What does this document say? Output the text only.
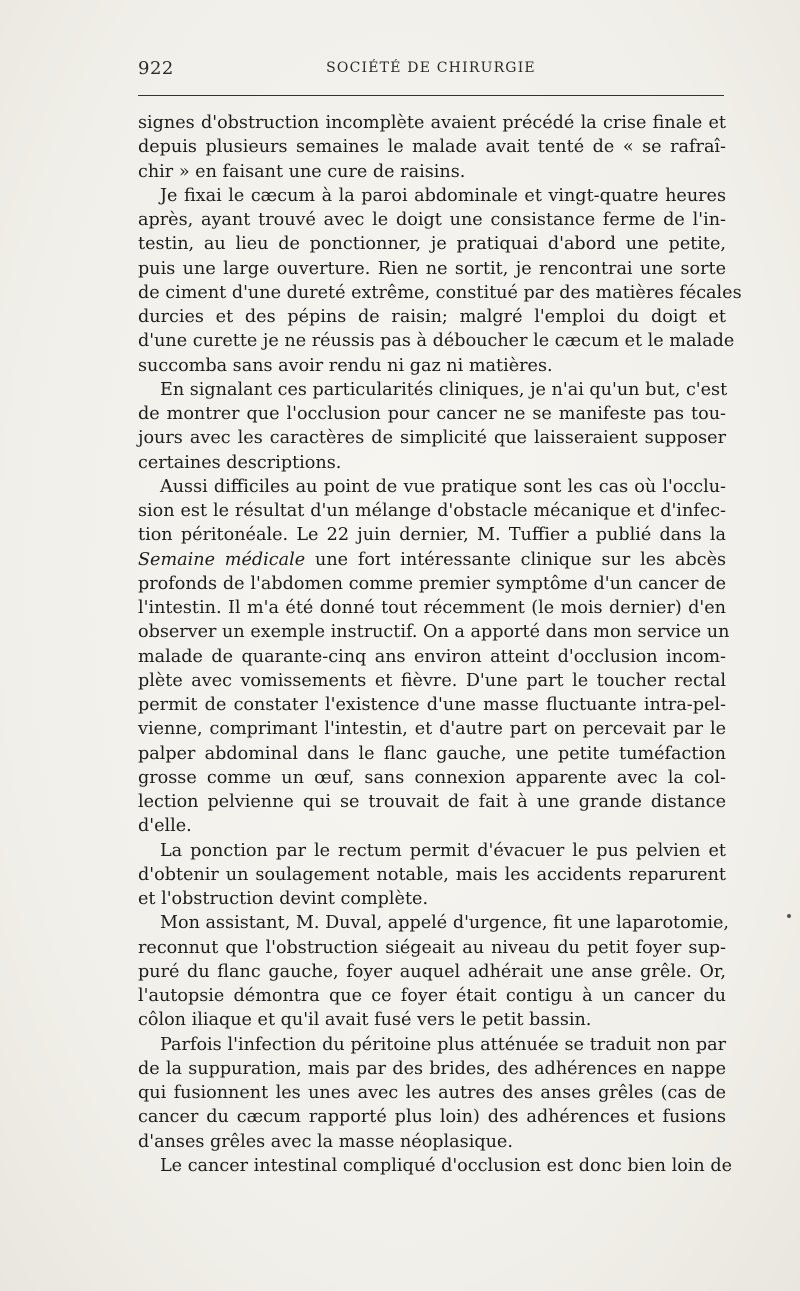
922	SOCIÉTÉ DE CHIRURGIE
signes d'obstruction incomplète avaient précédé la crise finale et
depuis plusieurs semaines le malade avait tenté de « se rafraî-
chir » en faisant une cure de raisins.
Je fixai le cæcum à la paroi abdominale et vingt-quatre heures
après, ayant trouvé avec le doigt une consistance ferme de l'in-
testin, au lieu de ponctionner, je pratiquai d'abord une petite,
puis une large ouverture. Rien ne sortit, je rencontrai une sorte
de ciment d'une dureté extrême, constitué par des matières fécales
durcies et des pépins de raisin; malgré l'emploi du doigt et
d'une curette je ne réussis pas à déboucher le cæcum et le malade
succomba sans avoir rendu ni gaz ni matières.
En signalant ces particularités cliniques, je n'ai qu'un but, c'est
de montrer que l'occlusion pour cancer ne se manifeste pas tou-
jours avec les caractères de simplicité que laisseraient supposer
certaines descriptions.
Aussi difficiles au point de vue pratique sont les cas où l'occlu-
sion est le résultat d'un mélange d'obstacle mécanique et d'infec-
tion péritonéale. Le 22 juin dernier, M. Tuffier a publié dans la
Semaine médicale une fort intéressante clinique sur les abcès
profonds de l'abdomen comme premier symptôme d'un cancer de
l'intestin. Il m'a été donné tout récemment (le mois dernier) d'en
observer un exemple instructif. On a apporté dans mon service un
malade de quarante-cinq ans environ atteint d'occlusion incom-
plète avec vomissements et fièvre. D'une part le toucher rectal
permit de constater l'existence d'une masse fluctuante intra-pel-
vienne, comprimant l'intestin, et d'autre part on percevait par le
palper abdominal dans le flanc gauche, une petite tuméfaction
grosse comme un œuf, sans connexion apparente avec la col-
lection pelvienne qui se trouvait de fait à une grande distance
d'elle.
La ponction par le rectum permit d'évacuer le pus pelvien et
d'obtenir un soulagement notable, mais les accidents reparurent
et l'obstruction devint complète.
Mon assistant, M. Duval, appelé d'urgence, fit une laparotomie,
reconnut que l'obstruction siégeait au niveau du petit foyer sup-
puré du flanc gauche, foyer auquel adhérait une anse grêle. Or,
l'autopsie démontra que ce foyer était contigu à un cancer du
côlon iliaque et qu'il avait fusé vers le petit bassin.
Parfois l'infection du péritoine plus atténuée se traduit non par
de la suppuration, mais par des brides, des adhérences en nappe
qui fusionnent les unes avec les autres des anses grêles (cas de
cancer du cæcum rapporté plus loin) des adhérences et fusions
d'anses grêles avec la masse néoplasique.
Le cancer intestinal compliqué d'occlusion est donc bien loin de
